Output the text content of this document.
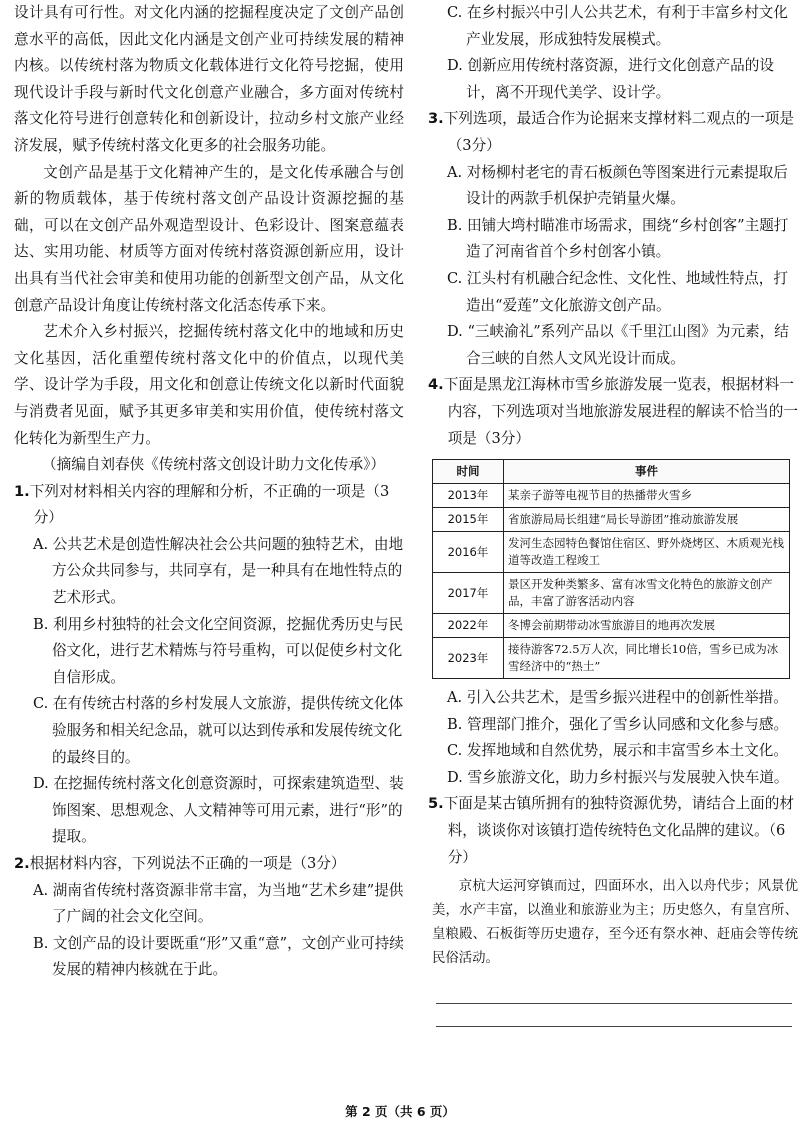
设计具有可行性。对文化内涵的挖掘程度决定了文创产品创意水平的高低，因此文化内涵是文创产业可持续发展的精神内核。以传统村落为物质文化载体进行文化符号挖掘，使用现代设计手段与新时代文化创意产业融合，多方面对传统村落文化符号进行创意转化和创新设计，拉动乡村文旅产业经济发展，赋予传统村落文化更多的社会服务功能。

文创产品是基于文化精神产生的，是文化传承融合与创新的物质载体，基于传统村落文创产品设计资源挖掘的基础，可以在文创产品外观造型设计、色彩设计、图案意蕴表达、实用功能、材质等方面对传统村落资源创新应用，设计出具有当代社会审美和使用功能的创新型文创产品，从文化创意产品设计角度让传统村落文化活态传承下来。

艺术介入乡村振兴，挖掘传统村落文化中的地域和历史文化基因，活化重塑传统村落文化中的价值点，以现代美学、设计学为手段，用文化和创意让传统文化以新时代面貌与消费者见面，赋予其更多审美和实用价值，使传统村落文化转化为新型生产力。

（摘编自刘春侠《传统村落文创设计助力文化传承》）

1.下列对材料相关内容的理解和分析，不正确的一项是（3分）

A. 公共艺术是创造性解决社会公共问题的独特艺术，由地方公众共同参与，共同享有，是一种具有在地性特点的艺术形式。

B. 利用乡村独特的社会文化空间资源，挖掘优秀历史与民俗文化，进行艺术精炼与符号重构，可以促使乡村文化自信形成。

C. 在有传统古村落的乡村发展人文旅游，提供传统文化体验服务和相关纪念品，就可以达到传承和发展传统文化的最终目的。

D. 在挖掘传统村落文化创意资源时，可探索建筑造型、装饰图案、思想观念、人文精神等可用元素，进行“形”的提取。

2.根据材料内容，下列说法不正确的一项是（3分）

A. 湖南省传统村落资源非常丰富，为当地“艺术乡建”提供了广阔的社会文化空间。

B. 文创产品的设计要既重“形”又重“意”，文创产业可持续发展的精神内核就在于此。

C. 在乡村振兴中引人公共艺术，有利于丰富乡村文化产业发展，形成独特发展模式。

D. 创新应用传统村落资源，进行文化创意产品的设计，离不开现代美学、设计学。

3.下列选项，最适合作为论据来支撑材料二观点的一项是（3分）

A. 对杨柳村老宅的青石板颜色等图案进行元素提取后设计的两款手机保护壳销量火爆。

B. 田铺大塆村瞄准市场需求，围绕“乡村创客”主题打造了河南省首个乡村创客小镇。

C. 江头村有机融合纪念性、文化性、地域性特点，打造出“爱莲”文化旅游文创产品。

D. “三峡渝礼”系列产品以《千里江山图》为元素，结合三峡的自然人文风光设计而成。

4.下面是黑龙江海林市雪乡旅游发展一览表，根据材料一内容，下列选项对当地旅游发展进程的解读不恰当的一项是（3分）

时间	事件
2013年	某亲子游等电视节目的热播带火雪乡
2015年	省旅游局局长组建“局长导游团”推动旅游发展
2016年	发河生态园特色餐馆住宿区、野外烧烤区、木质观光栈道等改造工程竣工
2017年	景区开发种类繁多、富有冰雪文化特色的旅游文创产品，丰富了游客活动内容
2022年	冬博会前期带动冰雪旅游目的地再次发展
2023年	接待游客72.5万人次，同比增长10倍，雪乡已成为冰雪经济中的“热土”

A. 引入公共艺术，是雪乡振兴进程中的创新性举措。

B. 管理部门推介，强化了雪乡认同感和文化参与感。

C. 发挥地域和自然优势，展示和丰富雪乡本土文化。

D. 雪乡旅游文化，助力乡村振兴与发展驶入快车道。

5.下面是某古镇所拥有的独特资源优势，请结合上面的材料，谈谈你对该镇打造传统特色文化品牌的建议。（6分）

京杭大运河穿镇而过，四面环水，出入以舟代步；风景优美，水产丰富，以渔业和旅游业为主；历史悠久，有皇宫所、皇粮殿、石板街等历史遗存，至今还有祭水神、赶庙会等传统民俗活动。

第 2 页（共 6 页）
